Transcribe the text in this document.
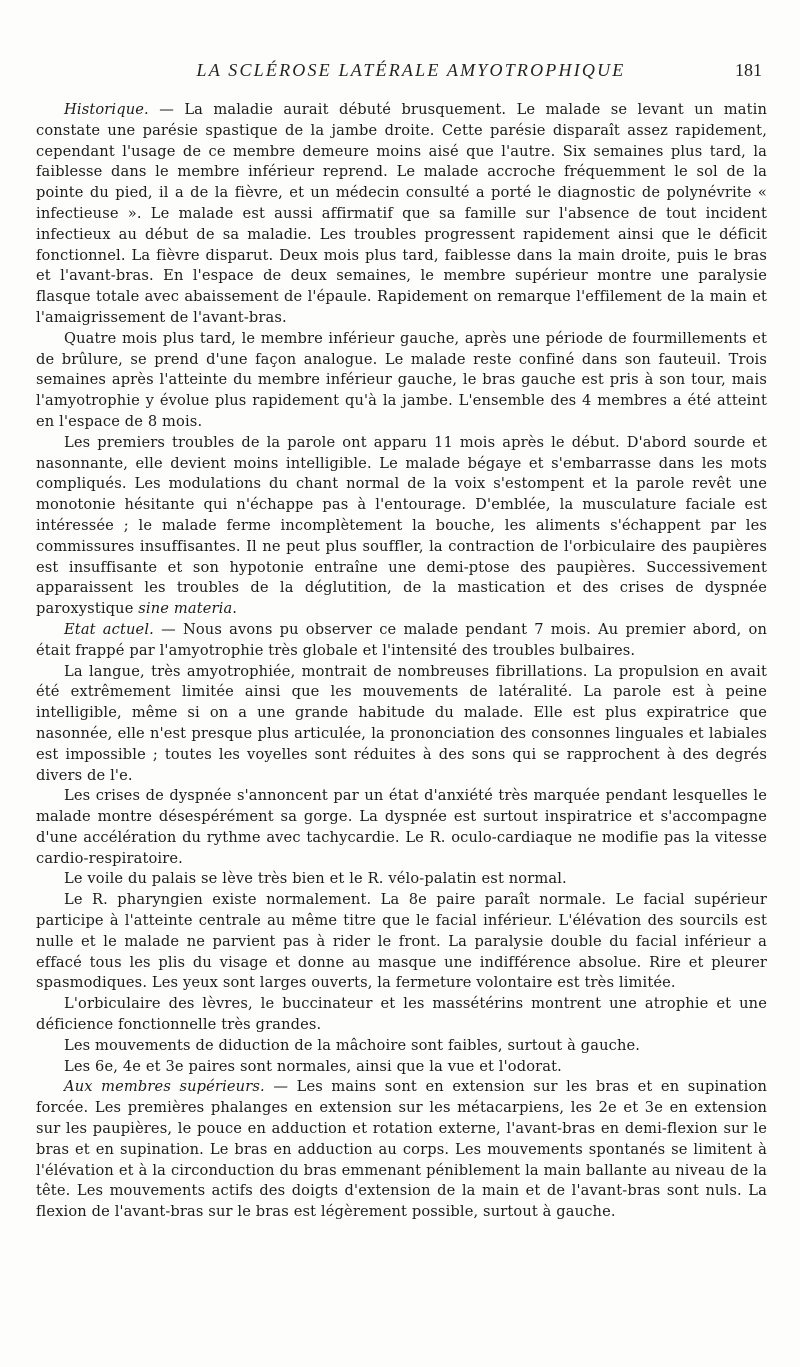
LA SCLÉROSE LATÉRALE AMYOTROPHIQUE	181

Historique. — La maladie aurait débuté brusquement. Le malade se levant un matin constate une parésie spastique de la jambe droite. Cette parésie disparaît assez rapidement, cependant l'usage de ce membre demeure moins aisé que l'autre. Six semaines plus tard, la faiblesse dans le membre inférieur reprend. Le malade accroche fréquemment le sol de la pointe du pied, il a de la fièvre, et un médecin consulté a porté le diagnostic de polynévrite « infectieuse ». Le malade est aussi affirmatif que sa famille sur l'absence de tout incident infectieux au début de sa maladie. Les troubles progressent rapidement ainsi que le déficit fonctionnel. La fièvre disparut. Deux mois plus tard, faiblesse dans la main droite, puis le bras et l'avant-bras. En l'espace de deux semaines, le membre supérieur montre une paralysie flasque totale avec abaissement de l'épaule. Rapidement on remarque l'effilement de la main et l'amaigrissement de l'avant-bras.

Quatre mois plus tard, le membre inférieur gauche, après une période de fourmillements et de brûlure, se prend d'une façon analogue. Le malade reste confiné dans son fauteuil. Trois semaines après l'atteinte du membre inférieur gauche, le bras gauche est pris à son tour, mais l'amyotrophie y évolue plus rapidement qu'à la jambe. L'ensemble des 4 membres a été atteint en l'espace de 8 mois.

Les premiers troubles de la parole ont apparu 11 mois après le début. D'abord sourde et nasonnante, elle devient moins intelligible. Le malade bégaye et s'embarrasse dans les mots compliqués. Les modulations du chant normal de la voix s'estompent et la parole revêt une monotonie hésitante qui n'échappe pas à l'entourage. D'emblée, la musculature faciale est intéressée ; le malade ferme incomplètement la bouche, les aliments s'échappent par les commissures insuffisantes. Il ne peut plus souffler, la contraction de l'orbiculaire des paupières est insuffisante et son hypotonie entraîne une demi-ptose des paupières. Successivement apparaissent les troubles de la déglutition, de la mastication et des crises de dyspnée paroxystique sine materia.

Etat actuel. — Nous avons pu observer ce malade pendant 7 mois. Au premier abord, on était frappé par l'amyotrophie très globale et l'intensité des troubles bulbaires.

La langue, très amyotrophiée, montrait de nombreuses fibrillations. La propulsion en avait été extrêmement limitée ainsi que les mouvements de latéralité. La parole est à peine intelligible, même si on a une grande habitude du malade. Elle est plus expiratrice que nasonnée, elle n'est presque plus articulée, la prononciation des consonnes linguales et labiales est impossible ; toutes les voyelles sont réduites à des sons qui se rapprochent à des degrés divers de l'e.

Les crises de dyspnée s'annoncent par un état d'anxiété très marquée pendant lesquelles le malade montre désespérément sa gorge. La dyspnée est surtout inspiratrice et s'accompagne d'une accélération du rythme avec tachycardie. Le R. oculo-cardiaque ne modifie pas la vitesse cardio-respiratoire.

Le voile du palais se lève très bien et le R. vélo-palatin est normal.

Le R. pharyngien existe normalement. La 8e paire paraît normale. Le facial supérieur participe à l'atteinte centrale au même titre que le facial inférieur. L'élévation des sourcils est nulle et le malade ne parvient pas à rider le front. La paralysie double du facial inférieur a effacé tous les plis du visage et donne au masque une indifférence absolue. Rire et pleurer spasmodiques. Les yeux sont larges ouverts, la fermeture volontaire est très limitée.

L'orbiculaire des lèvres, le buccinateur et les massétérins montrent une atrophie et une déficience fonctionnelle très grandes.

Les mouvements de diduction de la mâchoire sont faibles, surtout à gauche.

Les 6e, 4e et 3e paires sont normales, ainsi que la vue et l'odorat.

Aux membres supérieurs. — Les mains sont en extension sur les bras et en supination forcée. Les premières phalanges en extension sur les métacarpiens, les 2e et 3e en extension sur les paupières, le pouce en adduction et rotation externe, l'avant-bras en demi-flexion sur le bras et en supination. Le bras en adduction au corps. Les mouvements spontanés se limitent à l'élévation et à la circonduction du bras emmenant péniblement la main ballante au niveau de la tête. Les mouvements actifs des doigts d'extension de la main et de l'avant-bras sont nuls. La flexion de l'avant-bras sur le bras est légèrement possible, surtout à gauche.
